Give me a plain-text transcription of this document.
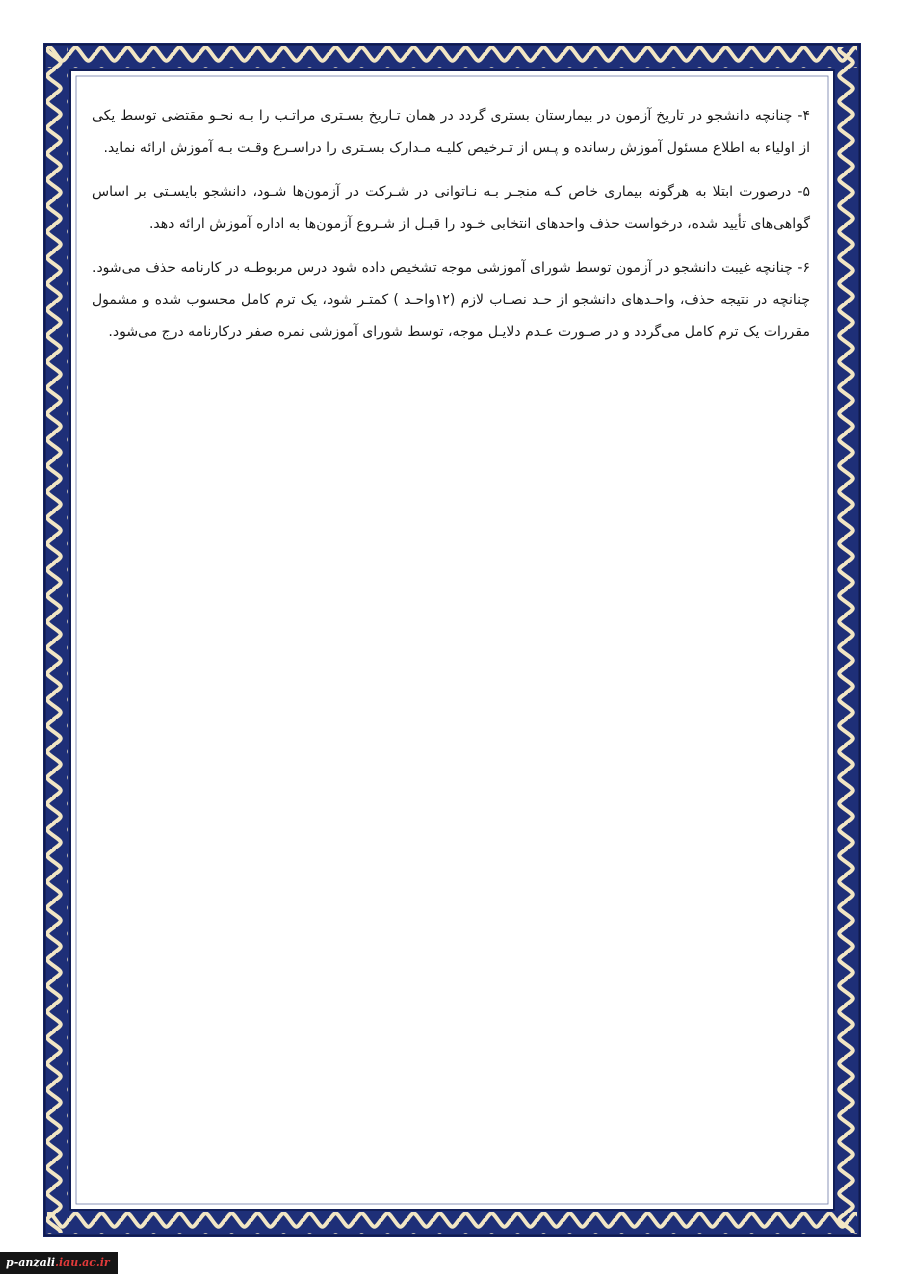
۴- چنانچه دانشجو در تاریخ آزمون در بیمارستان بستری گردد در همان تـاریخ بسـتری مراتـب را بـه نحـو مقتضی توسط یکی از اولیاء به اطلاع مسئول آموزش رسانده و پـس از تـرخیص کلیـه مـدارک بسـتری را دراسـرع وقـت بـه آموزش ارائه نماید.

۵- درصورت ابتلا به هرگونه بیماری خاص کـه منجـر بـه نـاتوانی در شـرکت در آزمون‌ها شـود، دانشجو بایسـتی بر اساس گواهی‌های تأیید شده، درخواست حذف واحدهای انتخابی خـود را قبـل از شـروع آزمون‌ها به اداره آموزش ارائه دهد.

۶- چنانچه غیبت دانشجو در آزمون توسط شورای آموزشی موجه تشخیص داده شود درس مربوطـه در کارنامه حذف می‌شود. چنانچه در نتیجه حذف، واحـدهای دانشجو از حـد نصـاب لازم (۱۲واحـد ) کمتـر شود، یک ترم کامل محسوب شده و مشمول مقررات یک ترم کامل می‌گردد و در صـورت عـدم دلایـل موجه، توسط شورای آموزشی نمره صفر درکارنامه درج می‌شود.

p-anzali.iau.ac.ir
